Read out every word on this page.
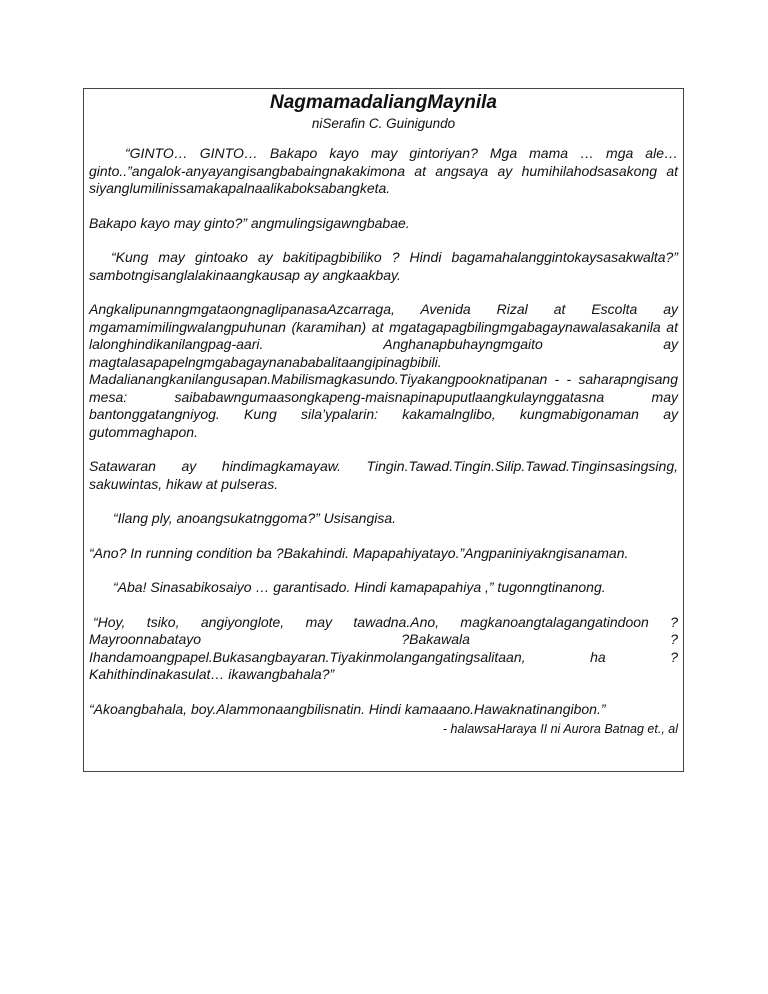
NagmamadaliangMaynila
niSerafin C. Guinigundo

“GINTO… GINTO… Bakapo kayo may gintoriyan? Mga mama … mga ale… ginto..”angalok-anyayangisangbabaingnakakimona at angsaya ay humihilahodsasakong at siyanglumilinissamakapalnaalikaboksabangketa.

Bakapo kayo may ginto?” angmulingsigawngbabae.

“Kung may gintoako ay bakitipagbibiliko ? Hindi bagamahalanggintokaysasakwalta?” sambotngisanglalakinaangkausap ay angkaakbay.

AngkalipunanngmgataongnaglipanasaAzcarraga, Avenida Rizal at Escolta ay mgamamimilingwalangpuhunan (karamihan) at mgatagapagbilingmgabagaynawalasakanila at lalonghindikanilangpag-aari. Anghanapbuhayngmgaito ay magtalasapapelngmgabagaynanababalitaangipinagbibili. Madalianangkanilangusapan.Mabilismagkasundo.Tiyakangpooknatipanan - - saharapngisang mesa: saibabawngumaasongkapeng-maisnapinapuputlaangkulaynggatasna may bantonggatangniyog. Kung sila’ypalarin: kakamalnglibo, kungmabigonaman ay gutommaghapon.

Satawaran ay hindimagkamayaw. Tingin.Tawad.Tingin.Silip.Tawad.Tinginsasingsing, sakuwintas, hikaw at pulseras.

“Ilang ply, anoangsukatnggoma?” Usisangisa.

“Ano? In running condition ba ?Bakahindi. Mapapahiyatayo.”Angpaniniyakngisanaman.

“Aba! Sinasabikosaiyo … garantisado. Hindi kamapapahiya ,” tugonngtinanong.

“Hoy, tsiko, angiyonglote, may tawadna.Ano, magkanoangtalagangatindoon ?Mayroonnabatayo ?Bakawala ?Ihandamoangpapel.Bukasangbayaran.Tiyakinmolangangatingsalitaan, ha ?Kahithindinakasulat… ikawangbahala?”

“Akoangbahala, boy.Alammonaangbilisnatin. Hindi kamaaano.Hawaknatinangibon.”

- halawsaHaraya II ni Aurora Batnag et., al
